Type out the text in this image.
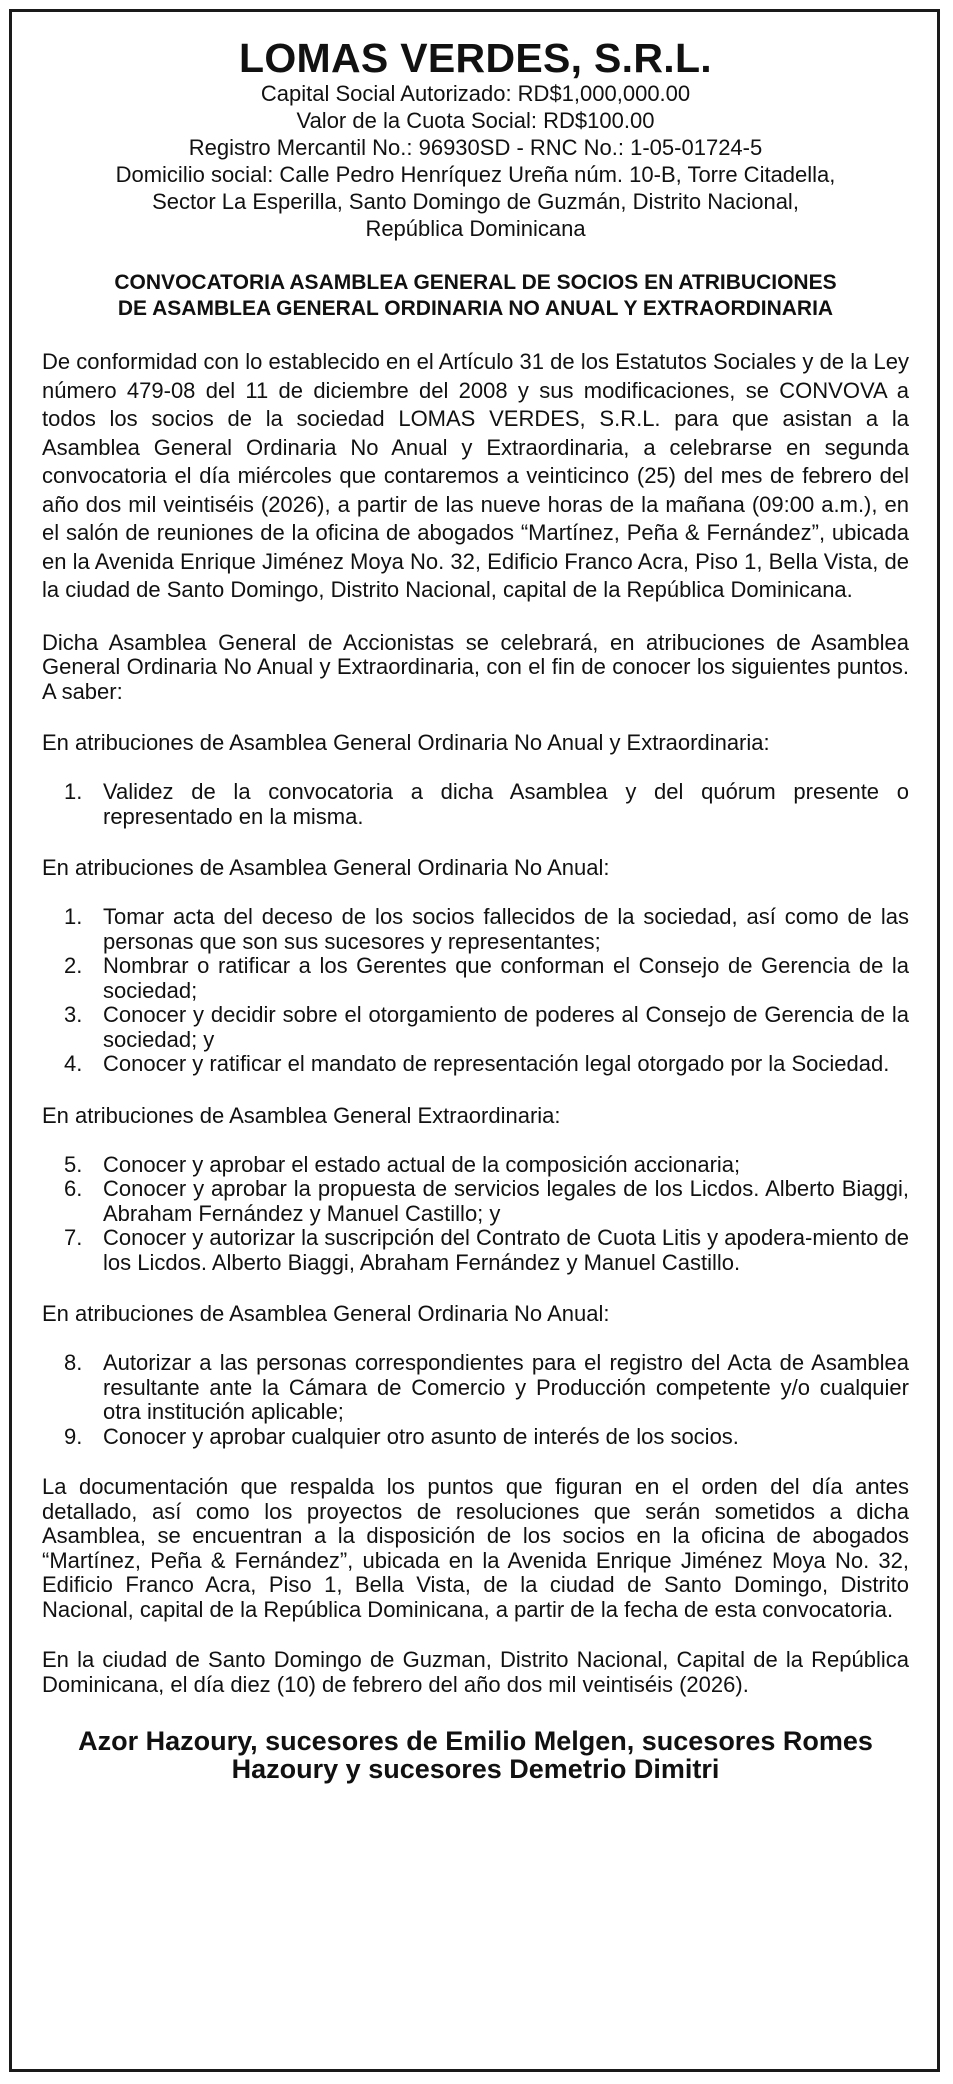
LOMAS VERDES, S.R.L.
Capital Social Autorizado: RD$1,000,000.00
Valor de la Cuota Social: RD$100.00
Registro Mercantil No.: 96930SD - RNC No.: 1-05-01724-5
Domicilio social: Calle Pedro Henríquez Ureña núm. 10-B, Torre Citadella,
Sector La Esperilla, Santo Domingo de Guzmán, Distrito Nacional,
República Dominicana
CONVOCATORIA ASAMBLEA GENERAL DE SOCIOS EN ATRIBUCIONES
DE ASAMBLEA GENERAL ORDINARIA NO ANUAL Y EXTRAORDINARIA

De conformidad con lo establecido en el Artículo 31 de los Estatutos Sociales y de la Ley número 479-08 del 11 de diciembre del 2008 y sus modificaciones, se CONVOVA a todos los socios de la sociedad LOMAS VERDES, S.R.L. para que asistan a la Asamblea General Ordinaria No Anual y Extraordinaria, a celebrarse en segunda convocatoria el día miércoles que contaremos a veinticinco (25) del mes de febrero del año dos mil veintiséis (2026), a partir de las nueve horas de la mañana (09:00 a.m.), en el salón de reuniones de la oficina de abogados “Martínez, Peña & Fernández”, ubicada en la Avenida Enrique Jiménez Moya No. 32, Edificio Franco Acra, Piso 1, Bella Vista, de la ciudad de Santo Domingo, Distrito Nacional, capital de la República Dominicana.

Dicha Asamblea General de Accionistas se celebrará, en atribuciones de Asamblea General Ordinaria No Anual y Extraordinaria, con el fin de conocer los siguientes puntos. A saber:

En atribuciones de Asamblea General Ordinaria No Anual y Extraordinaria:

1. Validez de la convocatoria a dicha Asamblea y del quórum presente o representado en la misma.

En atribuciones de Asamblea General Ordinaria No Anual:

1. Tomar acta del deceso de los socios fallecidos de la sociedad, así como de las personas que son sus sucesores y representantes;
2. Nombrar o ratificar a los Gerentes que conforman el Consejo de Gerencia de la sociedad;
3. Conocer y decidir sobre el otorgamiento de poderes al Consejo de Gerencia de la sociedad; y
4. Conocer y ratificar el mandato de representación legal otorgado por la Sociedad.

En atribuciones de Asamblea General Extraordinaria:

5. Conocer y aprobar el estado actual de la composición accionaria;
6. Conocer y aprobar la propuesta de servicios legales de los Licdos. Alberto Biaggi, Abraham Fernández y Manuel Castillo; y
7. Conocer y autorizar la suscripción del Contrato de Cuota Litis y apodera-miento de los Licdos. Alberto Biaggi, Abraham Fernández y Manuel Castillo.

En atribuciones de Asamblea General Ordinaria No Anual:

8. Autorizar a las personas correspondientes para el registro del Acta de Asamblea resultante ante la Cámara de Comercio y Producción competente y/o cualquier otra institución aplicable;
9. Conocer y aprobar cualquier otro asunto de interés de los socios.

La documentación que respalda los puntos que figuran en el orden del día antes detallado, así como los proyectos de resoluciones que serán sometidos a dicha Asamblea, se encuentran a la disposición de los socios en la oficina de abogados “Martínez, Peña & Fernández”, ubicada en la Avenida Enrique Jiménez Moya No. 32, Edificio Franco Acra, Piso 1, Bella Vista, de la ciudad de Santo Domingo, Distrito Nacional, capital de la República Dominicana, a partir de la fecha de esta convocatoria.

En la ciudad de Santo Domingo de Guzman, Distrito Nacional, Capital de la República Dominicana, el día diez (10) de febrero del año dos mil veintiséis (2026).

Azor Hazoury, sucesores de Emilio Melgen, sucesores Romes
Hazoury y sucesores Demetrio Dimitri
